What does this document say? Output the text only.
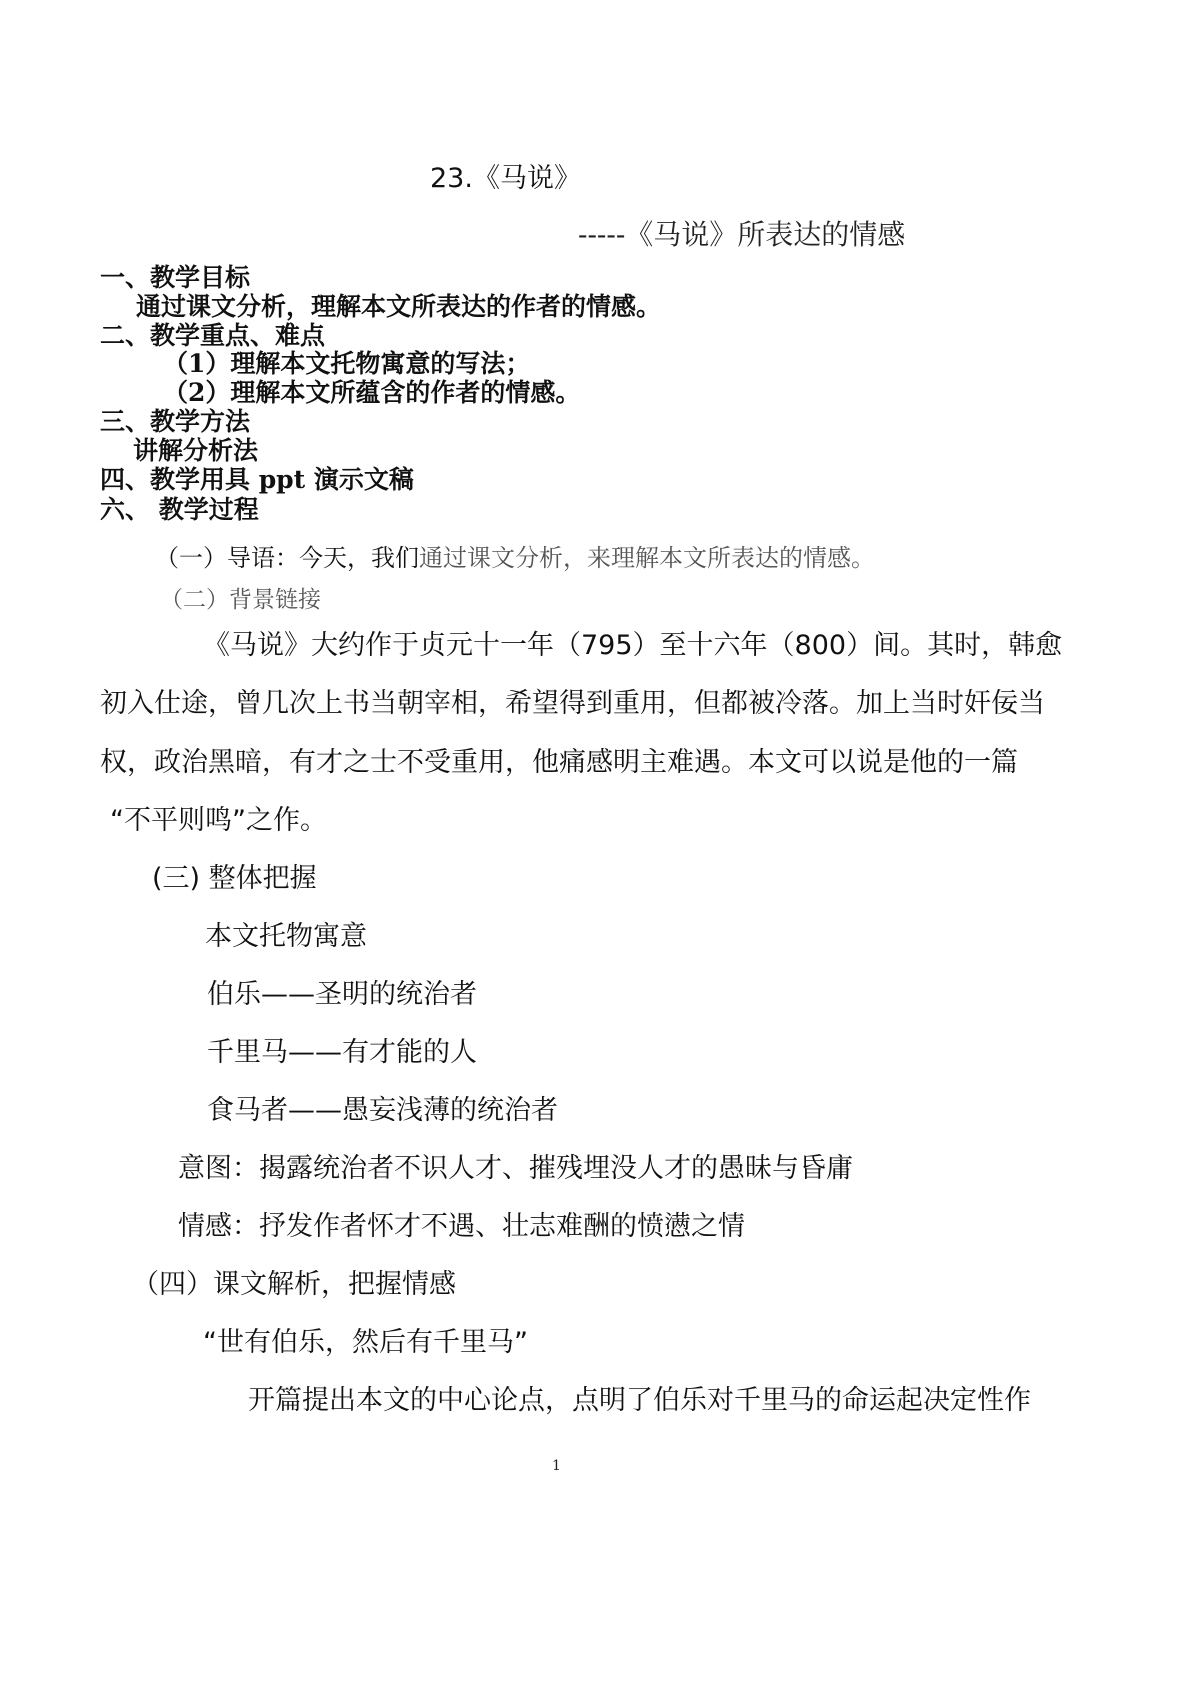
23.《马说》
-----《马说》所表达的情感
一、教学目标
通过课文分析，理解本文所表达的作者的情感。
二、教学重点、难点
（1）理解本文托物寓意的写法；
（2）理解本文所蕴含的作者的情感。
三、教学方法
讲解分析法
四、教学用具 ppt 演示文稿
六、 教学过程
（一）导语：今天，我们通过课文分析，来理解本文所表达的情感。
（二）背景链接
《马说》大约作于贞元十一年（795）至十六年（800）间。其时，韩愈
初入仕途，曾几次上书当朝宰相，希望得到重用，但都被冷落。加上当时奸佞当
权，政治黑暗，有才之士不受重用，他痛感明主难遇。本文可以说是他的一篇
“不平则鸣”之作。
(三) 整体把握
本文托物寓意
伯乐——圣明的统治者
千里马——有才能的人
食马者——愚妄浅薄的统治者
意图：揭露统治者不识人才、摧残埋没人才的愚昧与昏庸
情感：抒发作者怀才不遇、壮志难酬的愤懑之情
（四）课文解析，把握情感
“世有伯乐，然后有千里马”
开篇提出本文的中心论点，点明了伯乐对千里马的命运起决定性作
1
